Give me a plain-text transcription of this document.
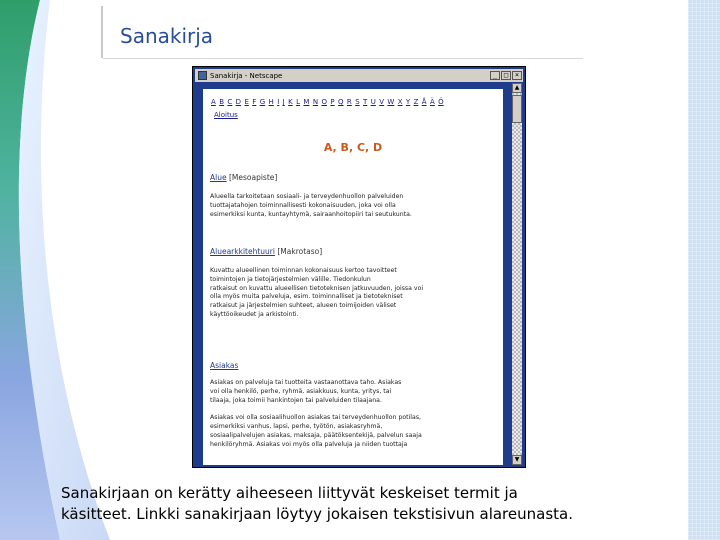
Sanakirja
Sanakirja - Netscape	_ □ ×
A B C D E F G H I J K L M N O P Q R S T U V W X Y Z Å Ä Ö
Aloitus
A, B, C, D
Alue [Mesoapiste]
Alueella tarkoitetaan sosiaali- ja terveydenhuollon palveluiden
tuottajatahojen toiminnallisesti kokonaisuuden, joka voi olla
esimerkiksi kunta, kuntayhtymä, sairaanhoitopiiri tai seutukunta.
Aluearkkitehtuuri [Makrotaso]
Kuvattu alueellinen toiminnan kokonaisuus kertoo tavoitteet
toimintojen ja tietojärjestelmien välille. Tiedonkulun
ratkaisut on kuvattu alueellisen tietoteknisen jatkuvuuden, joissa voi
olla myös muita palveluja, esim. toiminnalliset ja tietotekniset
ratkaisut ja järjestelmien suhteet, alueen toimijoiden väliset
käyttöoikeudet ja arkistointi.
Asiakas
Asiakas on palveluja tai tuotteita vastaanottava taho. Asiakas
voi olla henkilö, perhe, ryhmä, asiakkuus, kunta, yritys, tai
tilaaja, joka toimii hankintojen tai palveluiden tilaajana.
Asiakas voi olla sosiaalihuollon asiakas tai terveydenhuollon potilas,
esimerkiksi vanhus, lapsi, perhe, työtön, asiakasryhmä,
sosiaalipalvelujen asiakas, maksaja, päätöksentekijä, palvelun saaja
henkilöryhmä. Asiakas voi myös olla palveluja ja niiden tuottaja
▲
▼
Sanakirjaan on kerätty aiheeseen liittyvät keskeiset termit ja
käsitteet. Linkki sanakirjaan löytyy jokaisen tekstisivun alareunasta.
